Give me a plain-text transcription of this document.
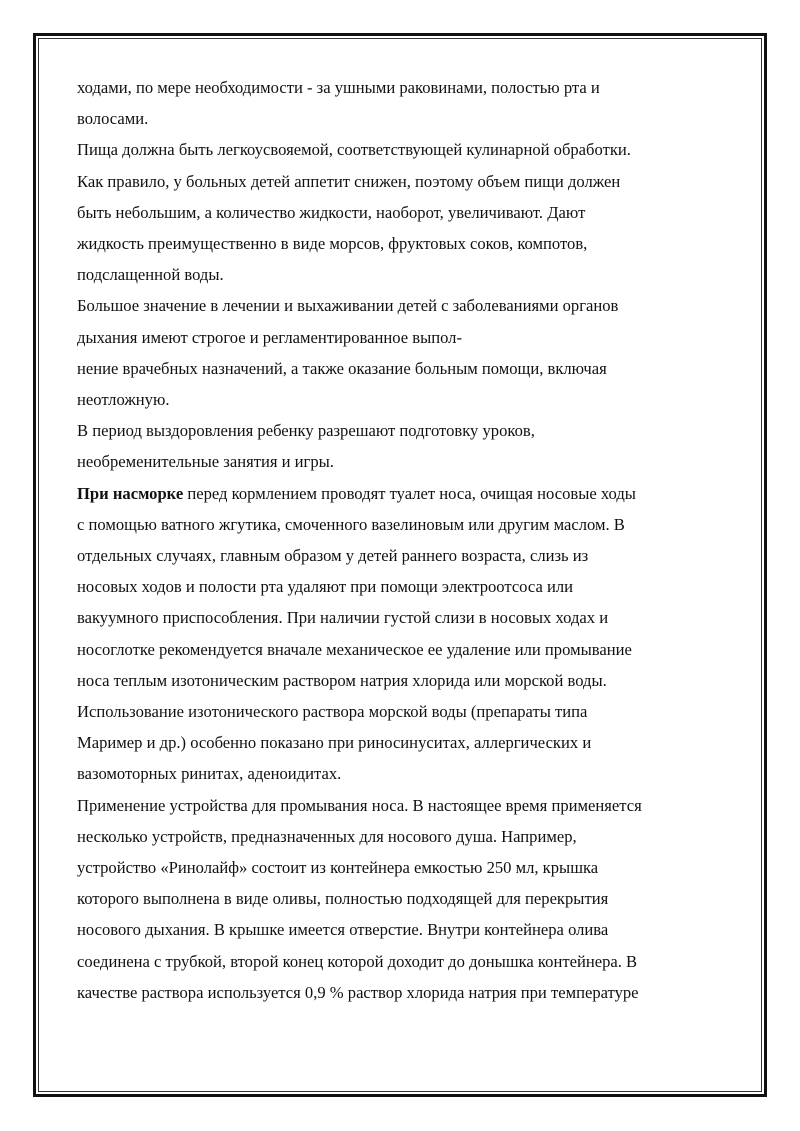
ходами, по мере необходимости - за ушными раковинами, полостью рта и
волосами.
Пища должна быть легкоусвояемой, соответствующей кулинарной обработки.
Как правило, у больных детей аппетит снижен, поэтому объем пищи должен
быть небольшим, а количество жидкости, наоборот, увеличивают. Дают
жидкость преимущественно в виде морсов, фруктовых соков, компотов,
подслащенной воды.
Большое значение в лечении и выхаживании детей с заболеваниями органов
дыхания имеют строгое и регламентированное выпол-
нение врачебных назначений, а также оказание больным помощи, включая
неотложную.
В период выздоровления ребенку разрешают подготовку уроков,
необременительные занятия и игры.
При насморке перед кормлением проводят туалет носа, очищая носовые ходы
с помощью ватного жгутика, смоченного вазелиновым или другим маслом. В
отдельных случаях, главным образом у детей раннего возраста, слизь из
носовых ходов и полости рта удаляют при помощи электроотсоса или
вакуумного приспособления. При наличии густой слизи в носовых ходах и
носоглотке рекомендуется вначале механическое ее удаление или промывание
носа теплым изотоническим раствором натрия хлорида или морской воды.
Использование изотонического раствора морской воды (препараты типа
Маример и др.) особенно показано при риносинуситах, аллергических и
вазомоторных ринитах, аденоидитах.
Применение устройства для промывания носа. В настоящее время применяется
несколько устройств, предназначенных для носового душа. Например,
устройство «Ринолайф» состоит из контейнера емкостью 250 мл, крышка
которого выполнена в виде оливы, полностью подходящей для перекрытия
носового дыхания. В крышке имеется отверстие. Внутри контейнера олива
соединена с трубкой, второй конец которой доходит до донышка контейнера. В
качестве раствора используется 0,9 % раствор хлорида натрия при температуре
